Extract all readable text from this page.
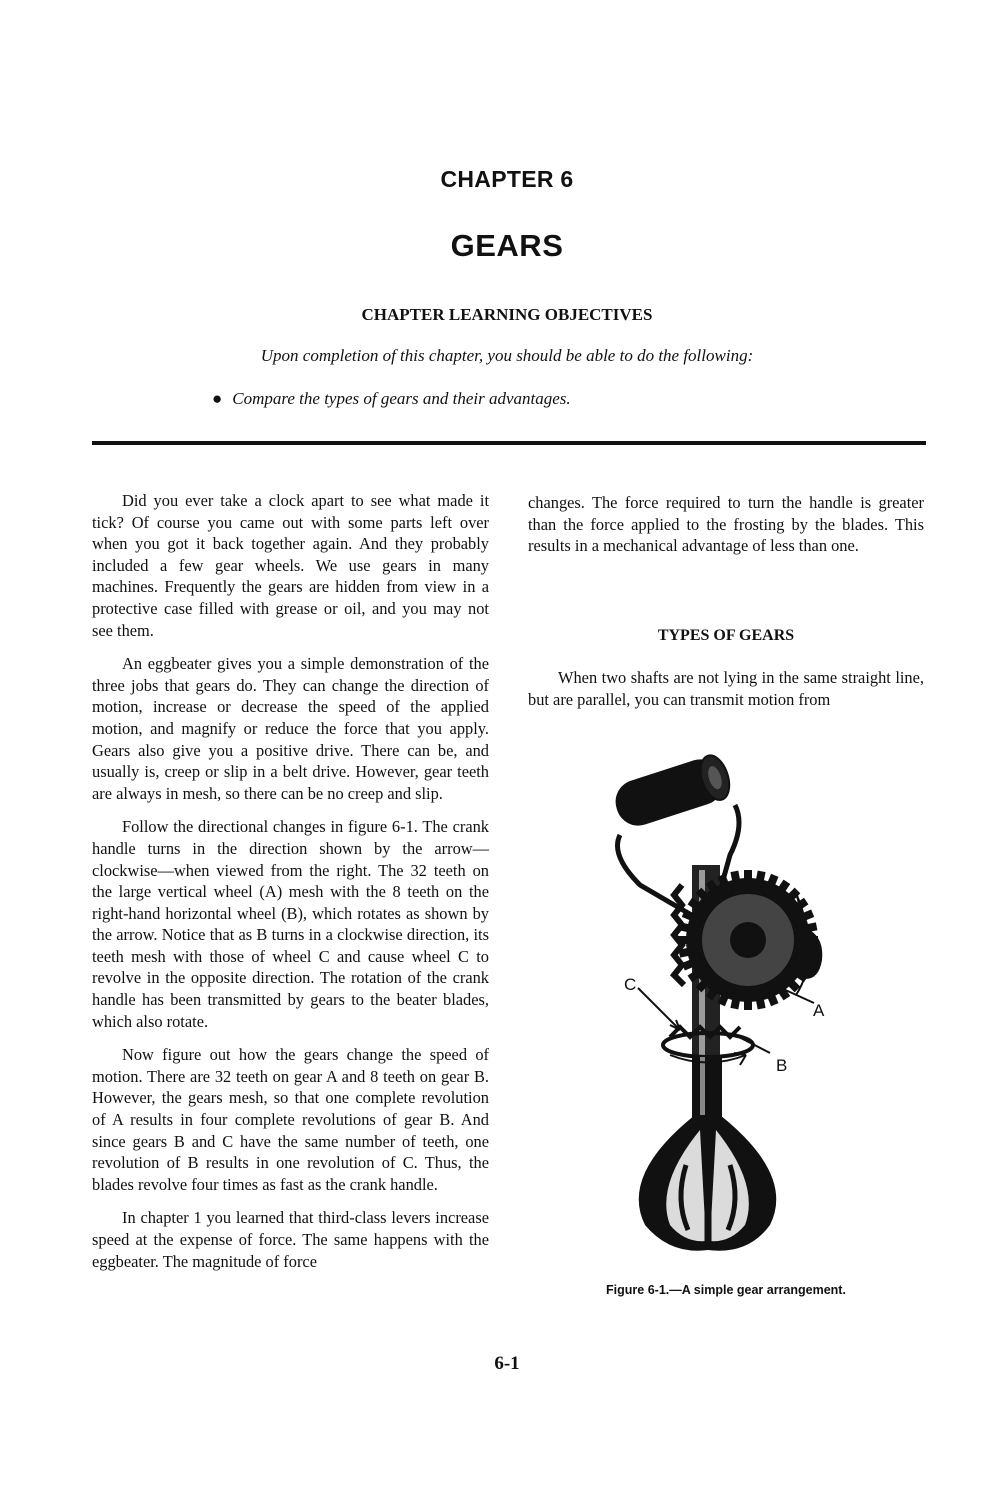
CHAPTER 6
GEARS
CHAPTER LEARNING OBJECTIVES

Upon completion of this chapter, you should be able to do the following:

● Compare the types of gears and their advantages.

Did you ever take a clock apart to see what made it tick? Of course you came out with some parts left over when you got it back together again. And they probably included a few gear wheels. We use gears in many machines. Frequently the gears are hidden from view in a protective case filled with grease or oil, and you may not see them.

An eggbeater gives you a simple demonstration of the three jobs that gears do. They can change the direction of motion, increase or decrease the speed of the applied motion, and magnify or reduce the force that you apply. Gears also give you a positive drive. There can be, and usually is, creep or slip in a belt drive. However, gear teeth are always in mesh, so there can be no creep and slip.

Follow the directional changes in figure 6-1. The crank handle turns in the direction shown by the arrow—clockwise—when viewed from the right. The 32 teeth on the large vertical wheel (A) mesh with the 8 teeth on the right-hand horizontal wheel (B), which rotates as shown by the arrow. Notice that as B turns in a clockwise direction, its teeth mesh with those of wheel C and cause wheel C to revolve in the opposite direction. The rotation of the crank handle has been transmitted by gears to the beater blades, which also rotate.

Now figure out how the gears change the speed of motion. There are 32 teeth on gear A and 8 teeth on gear B. However, the gears mesh, so that one complete revolution of A results in four complete revolutions of gear B. And since gears B and C have the same number of teeth, one revolution of B results in one revolution of C. Thus, the blades revolve four times as fast as the crank handle.

In chapter 1 you learned that third-class levers increase speed at the expense of force. The same happens with the eggbeater. The magnitude of force

changes. The force required to turn the handle is greater than the force applied to the frosting by the blades. This results in a mechanical advantage of less than one.

TYPES OF GEARS

When two shafts are not lying in the same straight line, but are parallel, you can transmit motion from

C
A
B

Figure 6-1.—A simple gear arrangement.

6-1
